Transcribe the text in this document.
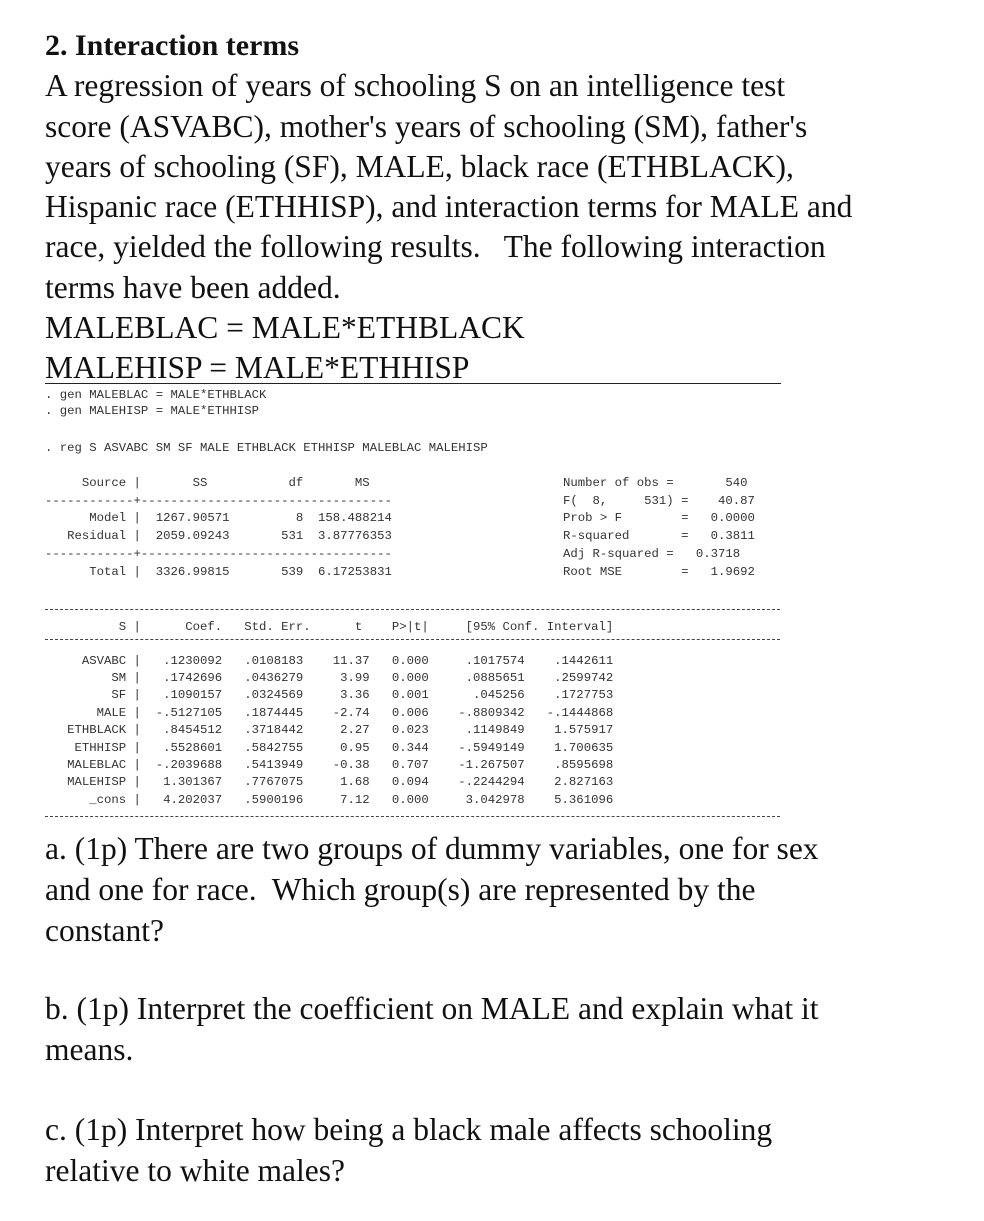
2. Interaction terms
A regression of years of schooling S on an intelligence test
score (ASVABC), mother's years of schooling (SM), father's
years of schooling (SF), MALE, black race (ETHBLACK),
Hispanic race (ETHHISP), and interaction terms for MALE and
race, yielded the following results.   The following interaction
terms have been added.
MALEBLAC = MALE*ETHBLACK
MALEHISP = MALE*ETHHISP
. gen MALEBLAC = MALE*ETHBLACK
. gen MALEHISP = MALE*ETHHISP
. reg S ASVABC SM SF MALE ETHBLACK ETHHISP MALEBLAC MALEHISP
Source |       SS           df       MS
------------+----------------------------------
Model |  1267.90571         8  158.488214
Residual |  2059.09243       531  3.87776353
------------+----------------------------------
Total |  3326.99815       539  6.17253831
Number of obs =       540
F(  8,     531) =    40.87
Prob > F        =   0.0000
R-squared       =   0.3811
Adj R-squared =   0.3718
Root MSE        =   1.9692
S |      Coef.   Std. Err.      t    P>|t|     [95% Conf. Interval]
ASVABC |   .1230092   .0108183    11.37   0.000     .1017574    .1442611
SM |   .1742696   .0436279     3.99   0.000     .0885651    .2599742
SF |   .1090157   .0324569     3.36   0.001      .045256    .1727753
MALE |  -.5127105   .1874445    -2.74   0.006    -.8809342   -.1444868
ETHBLACK |   .8454512   .3718442     2.27   0.023     .1149849    1.575917
ETHHISP |   .5528601   .5842755     0.95   0.344    -.5949149    1.700635
MALEBLAC |  -.2039688   .5413949    -0.38   0.707    -1.267507    .8595698
MALEHISP |   1.301367   .7767075     1.68   0.094    -.2244294    2.827163
_cons |   4.202037   .5900196     7.12   0.000     3.042978    5.361096
a. (1p) There are two groups of dummy variables, one for sex
and one for race.  Which group(s) are represented by the
constant?
b. (1p) Interpret the coefficient on MALE and explain what it
means.
c. (1p) Interpret how being a black male affects schooling
relative to white males?
